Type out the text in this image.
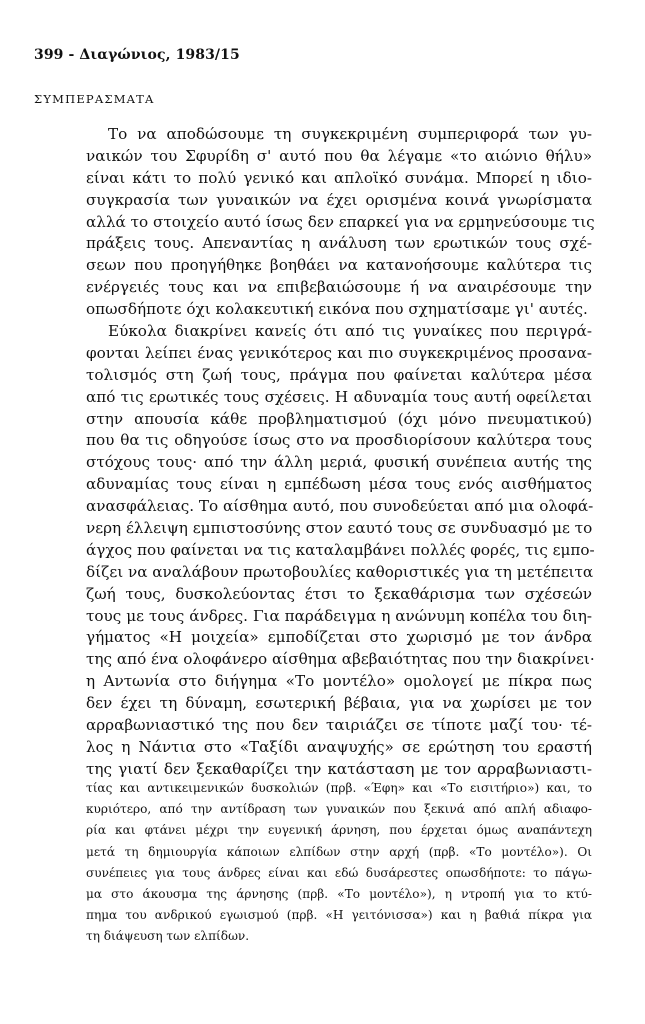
399 - Διαγώνιος, 1983/15
ΣΥΜΠΕΡΑΣΜΑΤΑ
Το να αποδώσουμε τη συγκεκριμένη συμπεριφορά των γυ-
ναικών του Σφυρίδη σ' αυτό που θα λέγαμε «το αιώνιο θήλυ»
είναι κάτι το πολύ γενικό και απλοϊκό συνάμα. Μπορεί η ιδιο-
συγκρασία των γυναικών να έχει ορισμένα κοινά γνωρίσματα
αλλά το στοιχείο αυτό ίσως δεν επαρκεί για να ερμηνεύσουμε τις
πράξεις τους. Απεναντίας η ανάλυση των ερωτικών τους σχέ-
σεων που προηγήθηκε βοηθάει να κατανοήσουμε καλύτερα τις
ενέργειές τους και να επιβεβαιώσουμε ή να αναιρέσουμε την
οπωσδήποτε όχι κολακευτική εικόνα που σχηματίσαμε γι' αυτές.
Εύκολα διακρίνει κανείς ότι από τις γυναίκες που περιγρά-
φονται λείπει ένας γενικότερος και πιο συγκεκριμένος προσανα-
τολισμός στη ζωή τους, πράγμα που φαίνεται καλύτερα μέσα
από τις ερωτικές τους σχέσεις. Η αδυναμία τους αυτή οφείλεται
στην απουσία κάθε προβληματισμού (όχι μόνο πνευματικού)
που θα τις οδηγούσε ίσως στο να προσδιορίσουν καλύτερα τους
στόχους τους· από την άλλη μεριά, φυσική συνέπεια αυτής της
αδυναμίας τους είναι η εμπέδωση μέσα τους ενός αισθήματος
ανασφάλειας. Το αίσθημα αυτό, που συνοδεύεται από μια ολοφά-
νερη έλλειψη εμπιστοσύνης στον εαυτό τους σε συνδυασμό με το
άγχος που φαίνεται να τις καταλαμβάνει πολλές φορές, τις εμπο-
δίζει να αναλάβουν πρωτοβουλίες καθοριστικές για τη μετέπειτα
ζωή τους, δυσκολεύοντας έτσι το ξεκαθάρισμα των σχέσεών
τους με τους άνδρες. Για παράδειγμα η ανώνυμη κοπέλα του διη-
γήματος «Η μοιχεία» εμποδίζεται στο χωρισμό με τον άνδρα
της από ένα ολοφάνερο αίσθημα αβεβαιότητας που την διακρίνει·
η Αντωνία στο διήγημα «Το μοντέλο» ομολογεί με πίκρα πως
δεν έχει τη δύναμη, εσωτερική βέβαια, για να χωρίσει με τον
αρραβωνιαστικό της που δεν ταιριάζει σε τίποτε μαζί του· τέ-
λος η Νάντια στο «Ταξίδι αναψυχής» σε ερώτηση του εραστή
της γιατί δεν ξεκαθαρίζει την κατάσταση με τον αρραβωνιαστι-
τίας και αντικειμενικών δυσκολιών (πρβ. «Έφη» και «Το εισιτήριο») και, το
κυριότερο, από την αντίδραση των γυναικών που ξεκινά από απλή αδιαφο-
ρία και φτάνει μέχρι την ευγενική άρνηση, που έρχεται όμως αναπάντεχη
μετά τη δημιουργία κάποιων ελπίδων στην αρχή (πρβ. «Το μοντέλο»). Οι
συνέπειες για τους άνδρες είναι και εδώ δυσάρεστες οπωσδήποτε: το πάγω-
μα στο άκουσμα της άρνησης (πρβ. «Το μοντέλο»), η ντροπή για το κτύ-
πημα του ανδρικού εγωισμού (πρβ. «Η γειτόνισσα») και η βαθιά πίκρα για
τη διάψευση των ελπίδων.
